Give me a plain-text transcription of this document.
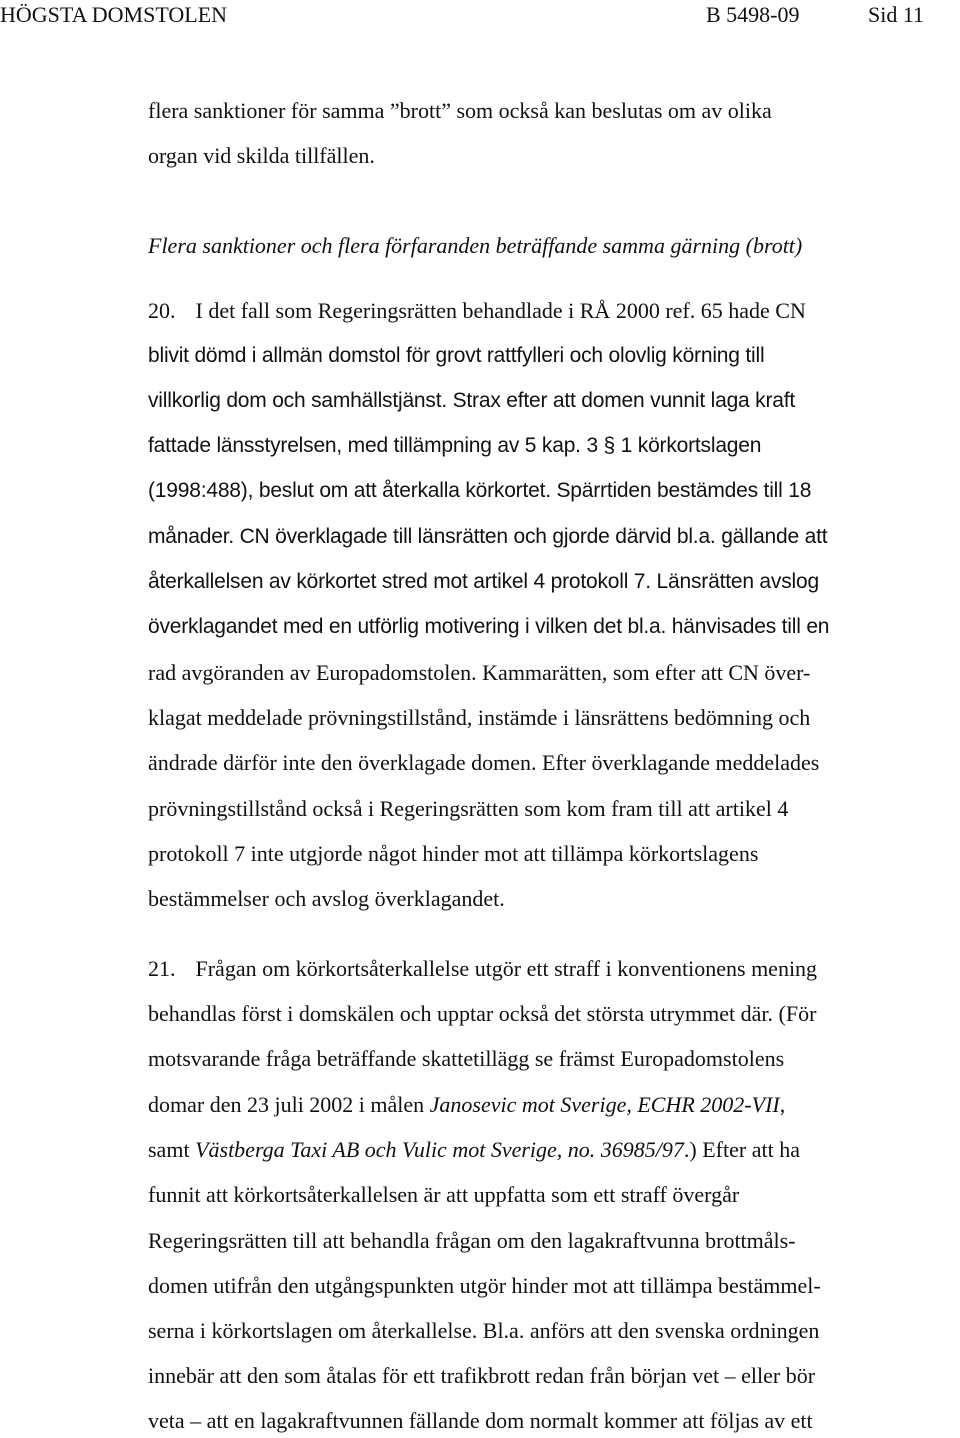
HÖGSTA DOMSTOLEN	B 5498-09	Sid 11
flera sanktioner för samma ”brott” som också kan beslutas om av olika
organ vid skilda tillfällen.
Flera sanktioner och flera förfaranden beträffande samma gärning (brott)
20. I det fall som Regeringsrätten behandlade i RÅ 2000 ref. 65 hade CN
blivit dömd i allmän domstol för grovt rattfylleri och olovlig körning till
villkorlig dom och samhällstjänst. Strax efter att domen vunnit laga kraft
fattade länsstyrelsen, med tillämpning av 5 kap. 3 § 1 körkortslagen
(1998:488), beslut om att återkalla körkortet. Spärrtiden bestämdes till 18
månader. CN överklagade till länsrätten och gjorde därvid bl.a. gällande att
återkallelsen av körkortet stred mot artikel 4 protokoll 7. Länsrätten avslog
överklagandet med en utförlig motivering i vilken det bl.a. hänvisades till en
rad avgöranden av Europadomstolen. Kammarätten, som efter att CN över-
klagat meddelade prövningstillstånd, instämde i länsrättens bedömning och
ändrade därför inte den överklagade domen. Efter överklagande meddelades
prövningstillstånd också i Regeringsrätten som kom fram till att artikel 4
protokoll 7 inte utgjorde något hinder mot att tillämpa körkortslagens
bestämmelser och avslog överklagandet.
21. Frågan om körkortsåterkallelse utgör ett straff i konventionens mening
behandlas först i domskälen och upptar också det största utrymmet där. (För
motsvarande fråga beträffande skattetillägg se främst Europadomstolens
domar den 23 juli 2002 i målen Janosevic mot Sverige, ECHR 2002-VII,
samt Västberga Taxi AB och Vulic mot Sverige, no. 36985/97.) Efter att ha
funnit att körkortsåterkallelsen är att uppfatta som ett straff övergår
Regeringsrätten till att behandla frågan om den lagakraftvunna brottmåls-
domen utifrån den utgångspunkten utgör hinder mot att tillämpa bestämmel-
serna i körkortslagen om återkallelse. Bl.a. anförs att den svenska ordningen
innebär att den som åtalas för ett trafikbrott redan från början vet – eller bör
veta – att en lagakraftvunnen fällande dom normalt kommer att följas av ett
